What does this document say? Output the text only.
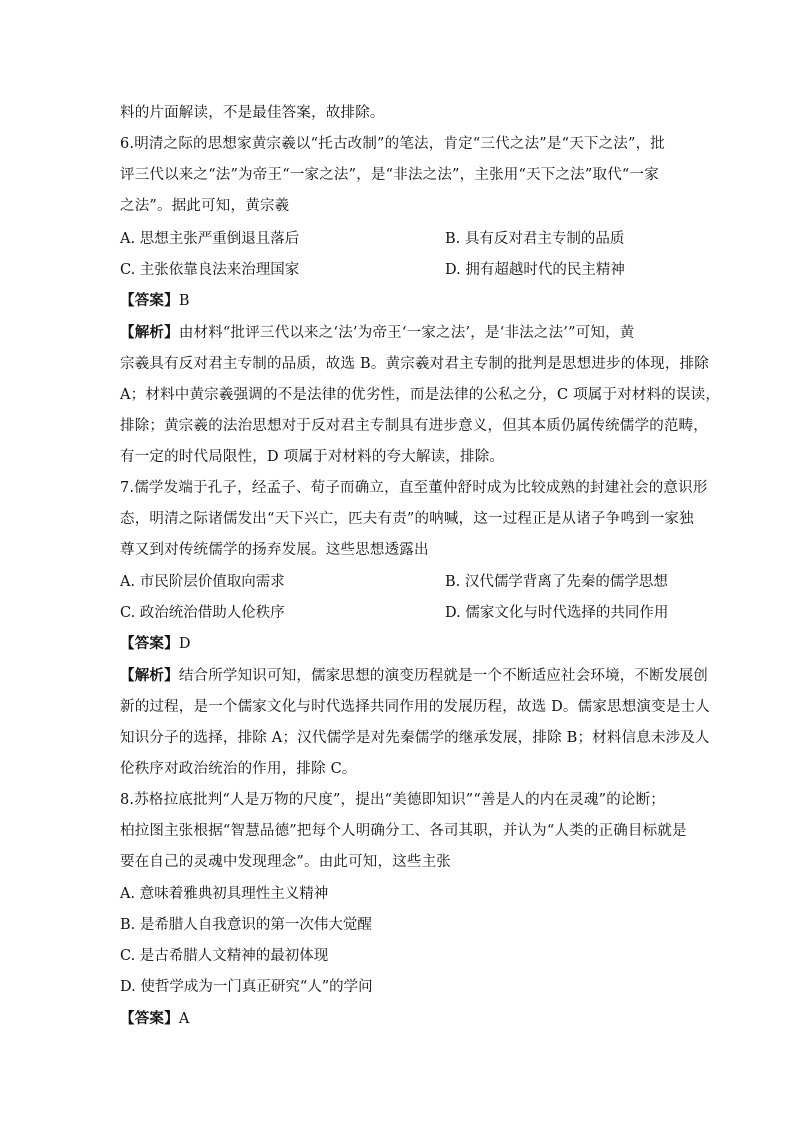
料的片面解读，不是最佳答案，故排除。
6.明清之际的思想家黄宗羲以“托古改制”的笔法，肯定“三代之法”是“天下之法”，批
评三代以来之“法”为帝王“一家之法”，是“非法之法”，主张用“天下之法”取代“一家
之法”。据此可知，黄宗羲
A. 思想主张严重倒退且落后	B. 具有反对君主专制的品质
C. 主张依靠良法来治理国家	D. 拥有超越时代的民主精神
【答案】B
【解析】由材料“批评三代以来之‘法’为帝王‘一家之法’，是‘非法之法’”可知，黄
宗羲具有反对君主专制的品质，故选 B。黄宗羲对君主专制的批判是思想进步的体现，排除
A；材料中黄宗羲强调的不是法律的优劣性，而是法律的公私之分，C 项属于对材料的误读，
排除；黄宗羲的法治思想对于反对君主专制具有进步意义，但其本质仍属传统儒学的范畴，
有一定的时代局限性，D 项属于对材料的夸大解读，排除。
7.儒学发端于孔子，经孟子、荀子而确立，直至董仲舒时成为比较成熟的封建社会的意识形
态，明清之际诸儒发出“天下兴亡，匹夫有责”的呐喊，这一过程正是从诸子争鸣到一家独
尊又到对传统儒学的扬弃发展。这些思想透露出
A. 市民阶层价值取向需求	B. 汉代儒学背离了先秦的儒学思想
C. 政治统治借助人伦秩序	D. 儒家文化与时代选择的共同作用
【答案】D
【解析】结合所学知识可知，儒家思想的演变历程就是一个不断适应社会环境，不断发展创
新的过程，是一个儒家文化与时代选择共同作用的发展历程，故选 D。儒家思想演变是士人
知识分子的选择，排除 A；汉代儒学是对先秦儒学的继承发展，排除 B；材料信息未涉及人
伦秩序对政治统治的作用，排除 C。
8.苏格拉底批判“人是万物的尺度”，提出“美德即知识”“善是人的内在灵魂”的论断；
柏拉图主张根据“智慧品德”把每个人明确分工、各司其职，并认为“人类的正确目标就是
要在自己的灵魂中发现理念”。由此可知，这些主张
A. 意味着雅典初具理性主义精神
B. 是希腊人自我意识的第一次伟大觉醒
C. 是古希腊人文精神的最初体现
D. 使哲学成为一门真正研究“人”的学问
【答案】A
